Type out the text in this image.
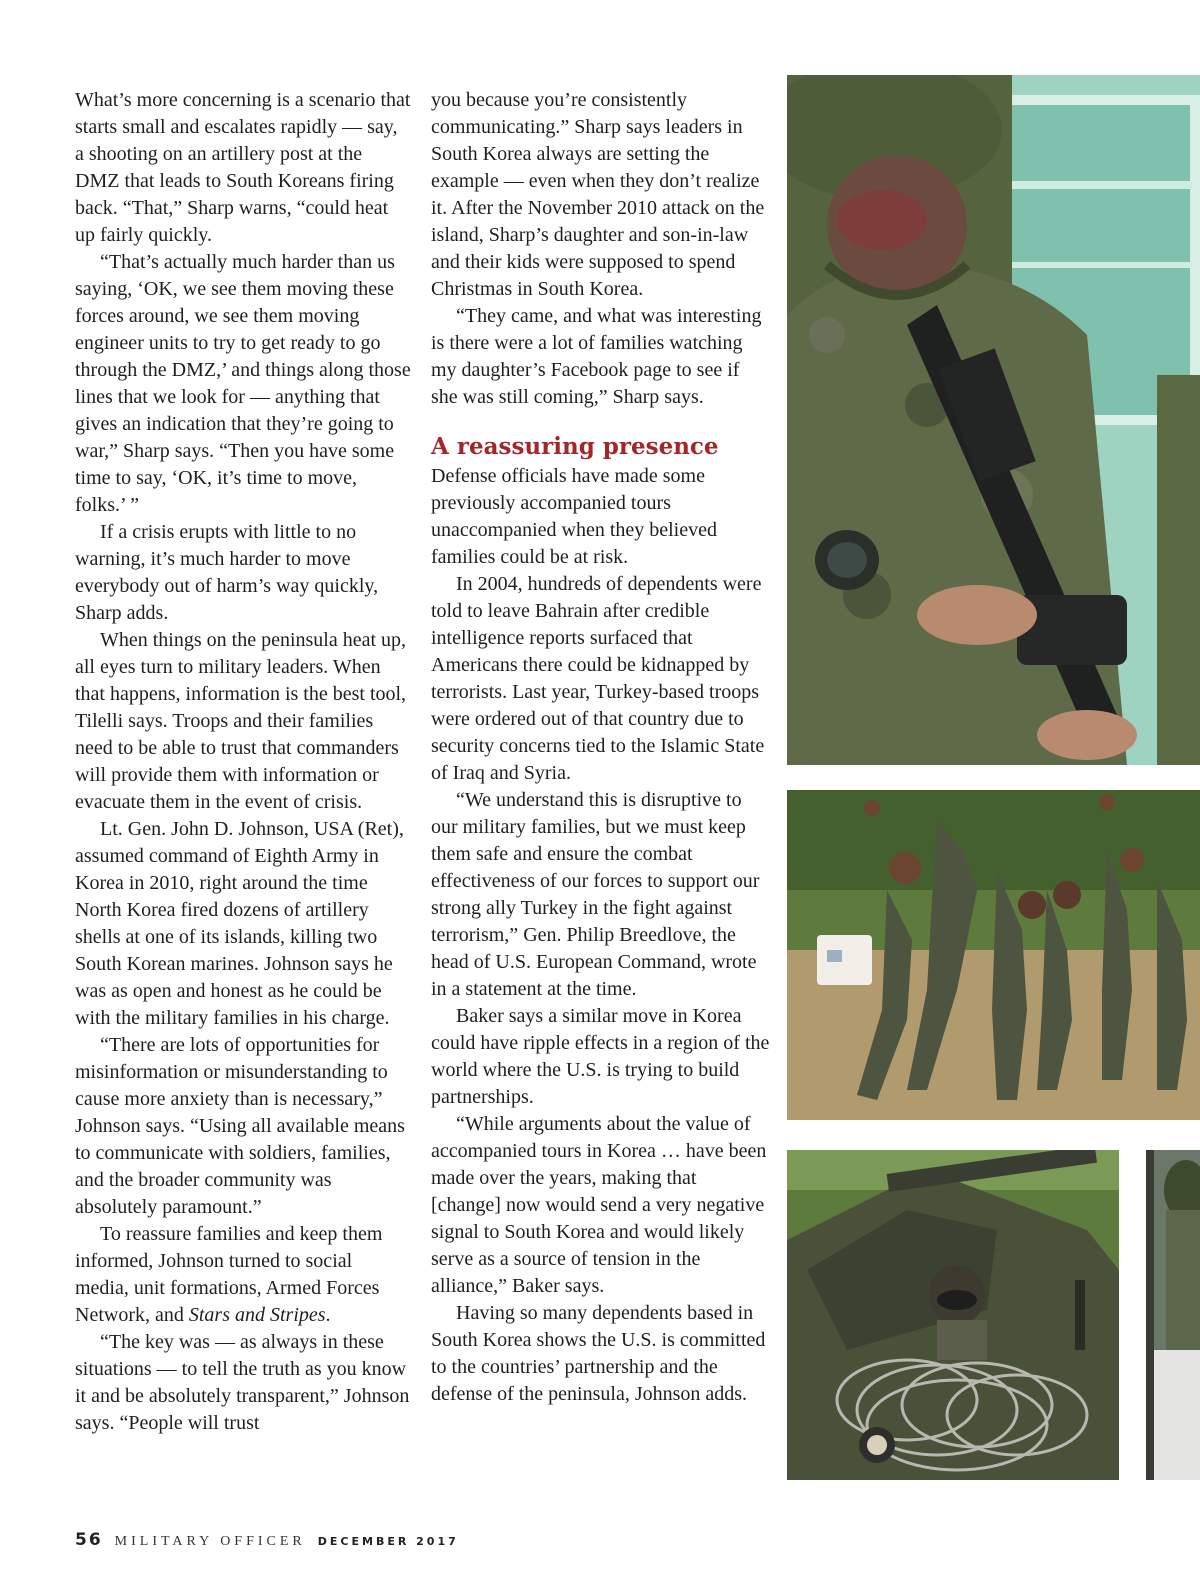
What’s more concerning is a scenario that starts small and escalates rapidly — say, a shooting on an artillery post at the DMZ that leads to South Koreans firing back. “That,” Sharp warns, “could heat up fairly quickly.

“That’s actually much harder than us saying, ‘OK, we see them moving these forces around, we see them moving engineer units to try to get ready to go through the DMZ,’ and things along those lines that we look for — anything that gives an indication that they’re going to war,” Sharp says. “Then you have some time to say, ‘OK, it’s time to move, folks.’ ”

If a crisis erupts with little to no warning, it’s much harder to move everybody out of harm’s way quickly, Sharp adds.

When things on the peninsula heat up, all eyes turn to military leaders. When that happens, information is the best tool, Tilelli says. Troops and their families need to be able to trust that commanders will provide them with information or evacuate them in the event of crisis.

Lt. Gen. John D. Johnson, USA (Ret), assumed command of Eighth Army in Korea in 2010, right around the time North Korea fired dozens of artillery shells at one of its islands, killing two South Korean marines. Johnson says he was as open and honest as he could be with the military families in his charge.

“There are lots of opportunities for misinformation or misunderstanding to cause more anxiety than is necessary,” Johnson says. “Using all available means to communicate with soldiers, families, and the broader community was absolutely paramount.”

To reassure families and keep them informed, Johnson turned to social media, unit formations, Armed Forces Network, and Stars and Stripes.

“The key was — as always in these situations — to tell the truth as you know it and be absolutely transparent,” Johnson says. “People will trust

you because you’re consistently communicating.” Sharp says leaders in South Korea always are setting the example — even when they don’t realize it. After the November 2010 attack on the island, Sharp’s daughter and son-in-law and their kids were supposed to spend Christmas in South Korea.

“They came, and what was interesting is there were a lot of families watching my daughter’s Facebook page to see if she was still coming,” Sharp says.

A reassuring presence

Defense officials have made some previously accompanied tours unaccompanied when they believed families could be at risk.

In 2004, hundreds of dependents were told to leave Bahrain after credible intelligence reports surfaced that Americans there could be kidnapped by terrorists. Last year, Turkey-based troops were ordered out of that country due to security concerns tied to the Islamic State of Iraq and Syria.

“We understand this is disruptive to our military families, but we must keep them safe and ensure the combat effectiveness of our forces to support our strong ally Turkey in the fight against terrorism,” Gen. Philip Breedlove, the head of U.S. European Command, wrote in a statement at the time.

Baker says a similar move in Korea could have ripple effects in a region of the world where the U.S. is trying to build partnerships.

“While arguments about the value of accompanied tours in Korea … have been made over the years, making that [change] now would send a very negative signal to South Korea and would likely serve as a source of tension in the alliance,” Baker says.

Having so many dependents based in South Korea shows the U.S. is committed to the countries’ partnership and the defense of the peninsula, Johnson adds.

56 MILITARY OFFICER DECEMBER 2017
